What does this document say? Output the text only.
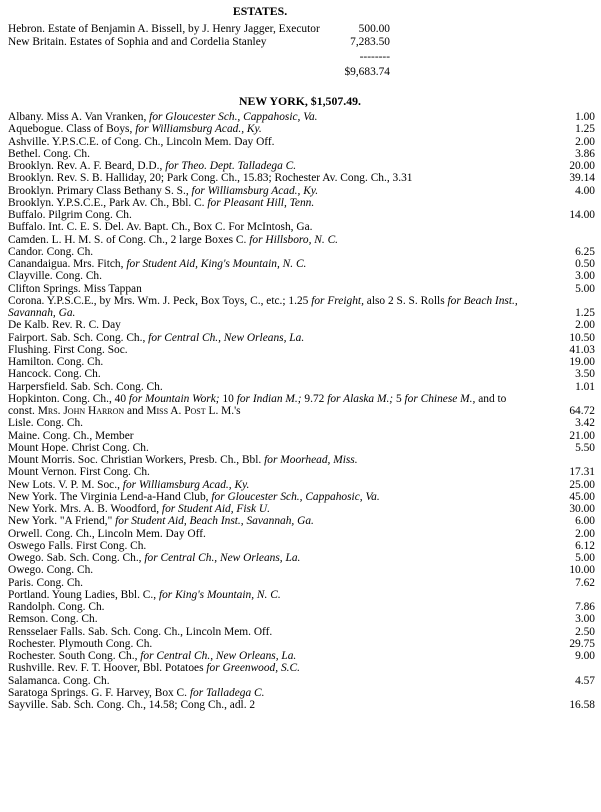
ESTATES.
Hebron. Estate of Benjamin A. Bissell, by J. Henry Jagger, Executor	500.00
New Britain. Estates of Sophia and and Cordelia Stanley	7,283.50
--------
$9,683.74
NEW YORK, $1,507.49.
Albany. Miss A. Van Vranken, for Gloucester Sch., Cappahosic, Va.	1.00
Aquebogue. Class of Boys, for Williamsburg Acad., Ky.	1.25
Ashville. Y.P.S.C.E. of Cong. Ch., Lincoln Mem. Day Off.	2.00
Bethel. Cong. Ch.	3.86
Brooklyn. Rev. A. F. Beard, D.D., for Theo. Dept. Talladega C.	20.00
Brooklyn. Rev. S. B. Halliday, 20; Park Cong. Ch., 15.83; Rochester Av. Cong. Ch., 3.31	39.14
Brooklyn. Primary Class Bethany S. S., for Williamsburg Acad., Ky.	4.00
Brooklyn. Y.P.S.C.E., Park Av. Ch., Bbl. C. for Pleasant Hill, Tenn.
Buffalo. Pilgrim Cong. Ch.	14.00
Buffalo. Int. C. E. S. Del. Av. Bapt. Ch., Box C. For McIntosh, Ga.
Camden. L. H. M. S. of Cong. Ch., 2 large Boxes C. for Hillsboro, N. C.
Candor. Cong. Ch.	6.25
Canandaigua. Mrs. Fitch, for Student Aid, King's Mountain, N. C.	0.50
Clayville. Cong. Ch.	3.00
Clifton Springs. Miss Tappan	5.00
Corona. Y.P.S.C.E., by Mrs. Wm. J. Peck, Box Toys, C., etc.; 1.25 for Freight, also 2 S. S. Rolls for Beach Inst., Savannah, Ga.	1.25
De Kalb. Rev. R. C. Day	2.00
Fairport. Sab. Sch. Cong. Ch., for Central Ch., New Orleans, La.	10.50
Flushing. First Cong. Soc.	41.03
Hamilton. Cong. Ch.	19.00
Hancock. Cong. Ch.	3.50
Harpersfield. Sab. Sch. Cong. Ch.	1.01
Hopkinton. Cong. Ch., 40 for Mountain Work; 10 for Indian M.; 9.72 for Alaska M.; 5 for Chinese M., and to const. Mrs. John Harron and Miss A. Post L. M.'s	64.72
Lisle. Cong. Ch.	3.42
Maine. Cong. Ch., Member	21.00
Mount Hope. Christ Cong. Ch.	5.50
Mount Morris. Soc. Christian Workers, Presb. Ch., Bbl. for Moorhead, Miss.
Mount Vernon. First Cong. Ch.	17.31
New Lots. V. P. M. Soc., for Williamsburg Acad., Ky.	25.00
New York. The Virginia Lend-a-Hand Club, for Gloucester Sch., Cappahosic, Va.	45.00
New York. Mrs. A. B. Woodford, for Student Aid, Fisk U.	30.00
New York. "A Friend," for Student Aid, Beach Inst., Savannah, Ga.	6.00
Orwell. Cong. Ch., Lincoln Mem. Day Off.	2.00
Oswego Falls. First Cong. Ch.	6.12
Owego. Sab. Sch. Cong. Ch., for Central Ch., New Orleans, La.	5.00
Owego. Cong. Ch.	10.00
Paris. Cong. Ch.	7.62
Portland. Young Ladies, Bbl. C., for King's Mountain, N. C.
Randolph. Cong. Ch.	7.86
Remson. Cong. Ch.	3.00
Rensselaer Falls. Sab. Sch. Cong. Ch., Lincoln Mem. Off.	2.50
Rochester. Plymouth Cong. Ch.	29.75
Rochester. South Cong. Ch., for Central Ch., New Orleans, La.	9.00
Rushville. Rev. F. T. Hoover, Bbl. Potatoes for Greenwood, S.C.
Salamanca. Cong. Ch.	4.57
Saratoga Springs. G. F. Harvey, Box C. for Talladega C.
Sayville. Sab. Sch. Cong. Ch., 14.58; Cong Ch., adl. 2	16.58
